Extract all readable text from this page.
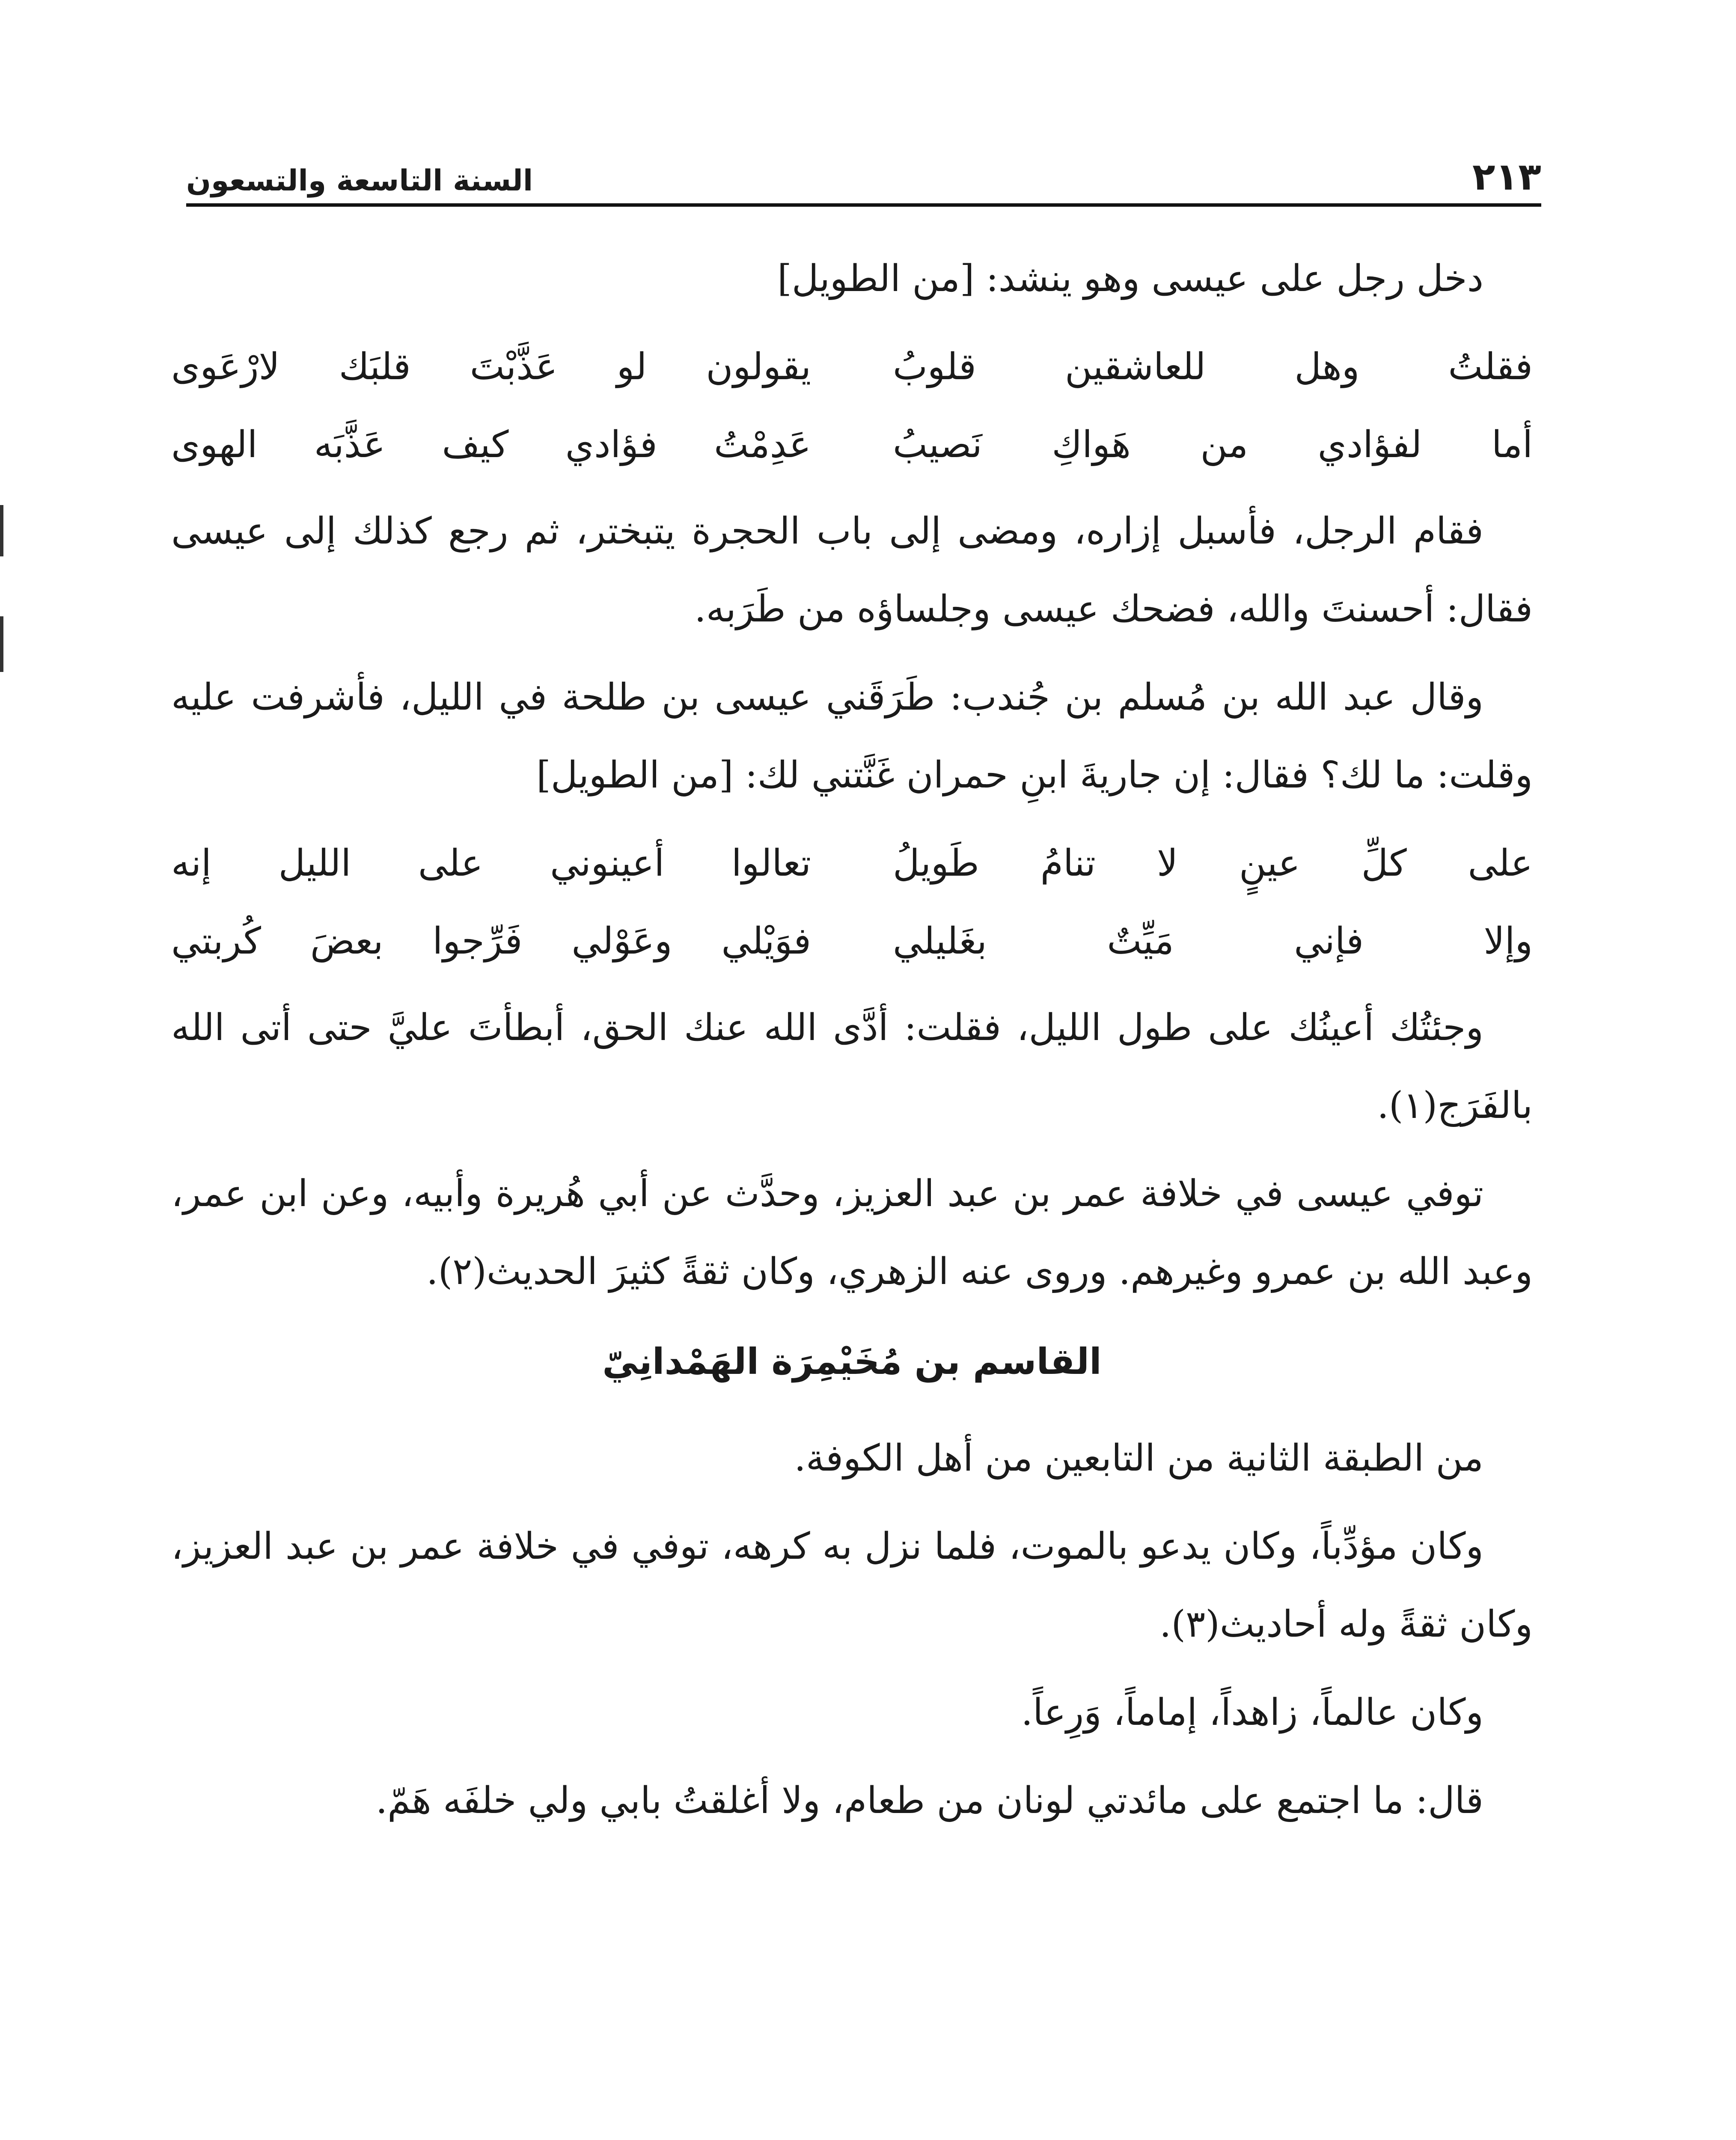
السنة التاسعة والتسعون	٢١٣

دخل رجل على عيسى وهو ينشد: [من الطويل]

يقولون لو عَذَّبْتَ قلبَك لارْعَوى فقلتُ وهل للعاشقين قلوبُ
عَدِمْتُ فؤادي كيف عَذَّبَه الهوى أما لفؤادي من هَواكِ نَصيبُ

فقام الرجل، فأسبل إزاره، ومضى إلى باب الحجرة يتبختر، ثم رجع كذلك إلى عيسى فقال: أحسنتَ والله، فضحك عيسى وجلساؤه من طَرَبه.

وقال عبد الله بن مُسلم بن جُندب: طَرَقَني عيسى بن طلحة في الليل، فأشرفت عليه وقلت: ما لك؟ فقال: إن جاريةَ ابنِ حمران غَنَّتني لك: [من الطويل]

تعالوا أعينوني على الليل إنه على كلِّ عينٍ لا تنامُ طَويلُ
فوَيْلي وعَوْلي فَرِّجوا بعضَ كُربتي وإلا فإني مَيِّتٌ بغَليلي

وجئتُك أعينُك على طول الليل، فقلت: أدَّى الله عنك الحق، أبطأتَ عليَّ حتى أتى الله بالفَرَج(١).

توفي عيسى في خلافة عمر بن عبد العزيز، وحدَّث عن أبي هُريرة وأبيه، وعن ابن عمر، وعبد الله بن عمرو وغيرهم. وروى عنه الزهري، وكان ثقةً كثيرَ الحديث(٢).

القاسم بن مُخَيْمِرَة الهَمْدانِيّ

من الطبقة الثانية من التابعين من أهل الكوفة.

وكان مؤدِّباً، وكان يدعو بالموت، فلما نزل به كرهه، توفي في خلافة عمر بن عبد العزيز، وكان ثقةً وله أحاديث(٣).

وكان عالماً، زاهداً، إماماً، وَرِعاً.

قال: ما اجتمع على مائدتي لونان من طعام، ولا أغلقتُ بابي ولي خلفَه هَمّ.
